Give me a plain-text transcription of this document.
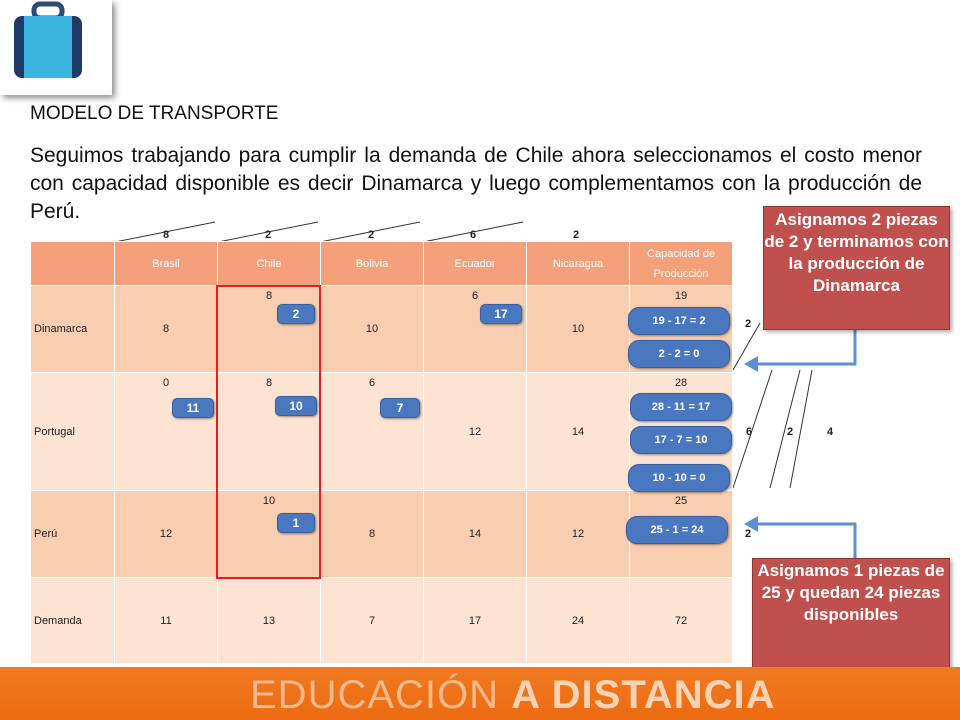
MODELO DE TRANSPORTE
Seguimos trabajando para cumplir la demanda de Chile ahora seleccionamos el costo menor con capacidad disponible es decir Dinamarca y luego complementamos con la producción de Perú.
8	2	2	6	2
	Brasil	Chile	Bolivia	Ecuador	Nicaragua	Capacidad de Producción
Dinamarca	8	8	10	6	10	19

Portugal	0	8	6	12	14	28

Perú	12	10	8	14	12	25

Demanda	11	13	7	17	24	72
2	17
11	10	7
1
19 - 17 = 2
2 - 2 = 0
28 - 11 = 17
17 - 7 = 10
10 - 10 = 0
25 - 1 = 24
2
6	2	4
2
Asignamos 2 piezas de 2 y terminamos con la producción de Dinamarca
Asignamos 1 piezas de 25 y quedan 24 piezas disponibles
EDUCACIÓN A DISTANCIA
